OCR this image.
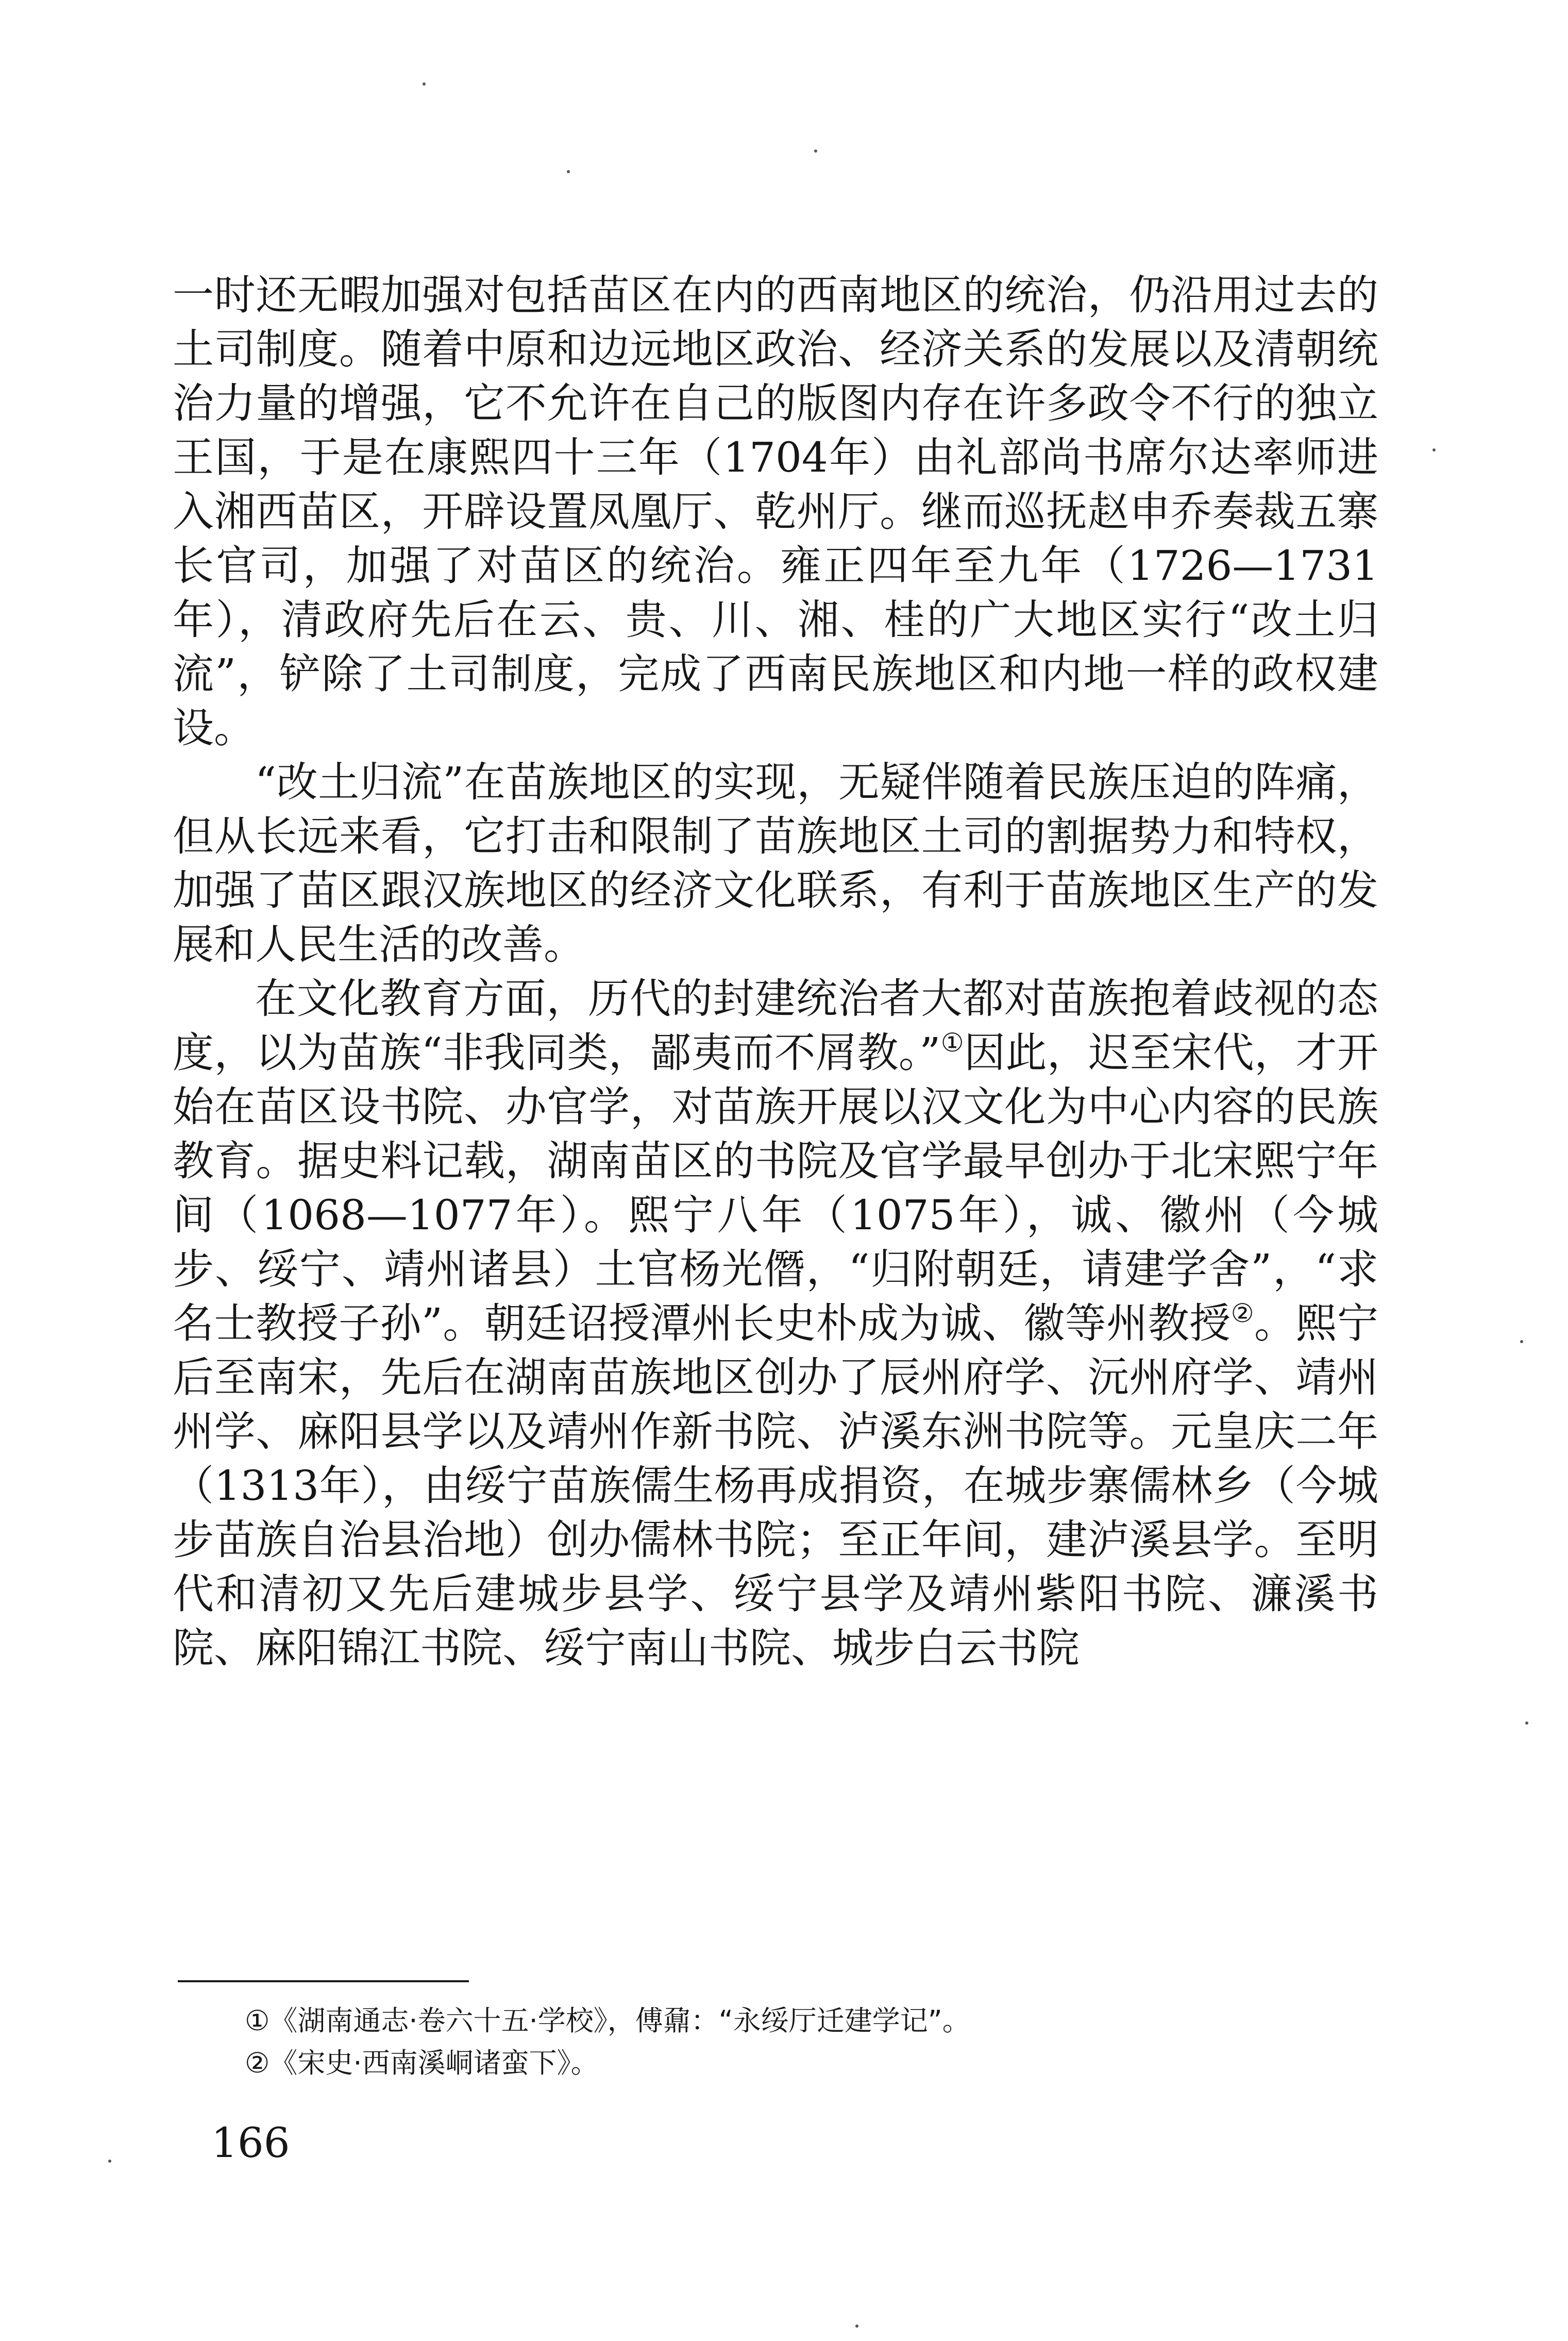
一时还无暇加强对包括苗区在内的西南地区的统治，仍沿用过去的土司制度。随着中原和边远地区政治、经济关系的发展以及清朝统治力量的增强，它不允许在自己的版图内存在许多政令不行的独立王国，于是在康熙四十三年（1704年）由礼部尚书席尔达率师进入湘西苗区，开辟设置凤凰厅、乾州厅。继而巡抚赵申乔奏裁五寨长官司，加强了对苗区的统治。雍正四年至九年（1726—1731年），清政府先后在云、贵、川、湘、桂的广大地区实行“改土归流”，铲除了土司制度，完成了西南民族地区和内地一样的政权建设。

“改土归流”在苗族地区的实现，无疑伴随着民族压迫的阵痛，但从长远来看，它打击和限制了苗族地区土司的割据势力和特权，加强了苗区跟汉族地区的经济文化联系，有利于苗族地区生产的发展和人民生活的改善。

在文化教育方面，历代的封建统治者大都对苗族抱着歧视的态度，以为苗族“非我同类，鄙夷而不屑教。”①因此，迟至宋代，才开始在苗区设书院、办官学，对苗族开展以汉文化为中心内容的民族教育。据史料记载，湖南苗区的书院及官学最早创办于北宋熙宁年间（1068—1077年）。熙宁八年（1075年），诚、徽州（今城步、绥宁、靖州诸县）土官杨光僭，“归附朝廷，请建学舍”，“求名士教授子孙”。朝廷诏授潭州长史朴成为诚、徽等州教授②。熙宁后至南宋，先后在湖南苗族地区创办了辰州府学、沅州府学、靖州州学、麻阳县学以及靖州作新书院、泸溪东洲书院等。元皇庆二年（1313年），由绥宁苗族儒生杨再成捐资，在城步寨儒林乡（今城步苗族自治县治地）创办儒林书院；至正年间，建泸溪县学。至明代和清初又先后建城步县学、绥宁县学及靖州紫阳书院、濂溪书院、麻阳锦江书院、绥宁南山书院、城步白云书院

①《湖南通志·卷六十五·学校》，傅鼐：“永绥厅迁建学记”。
②《宋史·西南溪峒诸蛮下》。
166
